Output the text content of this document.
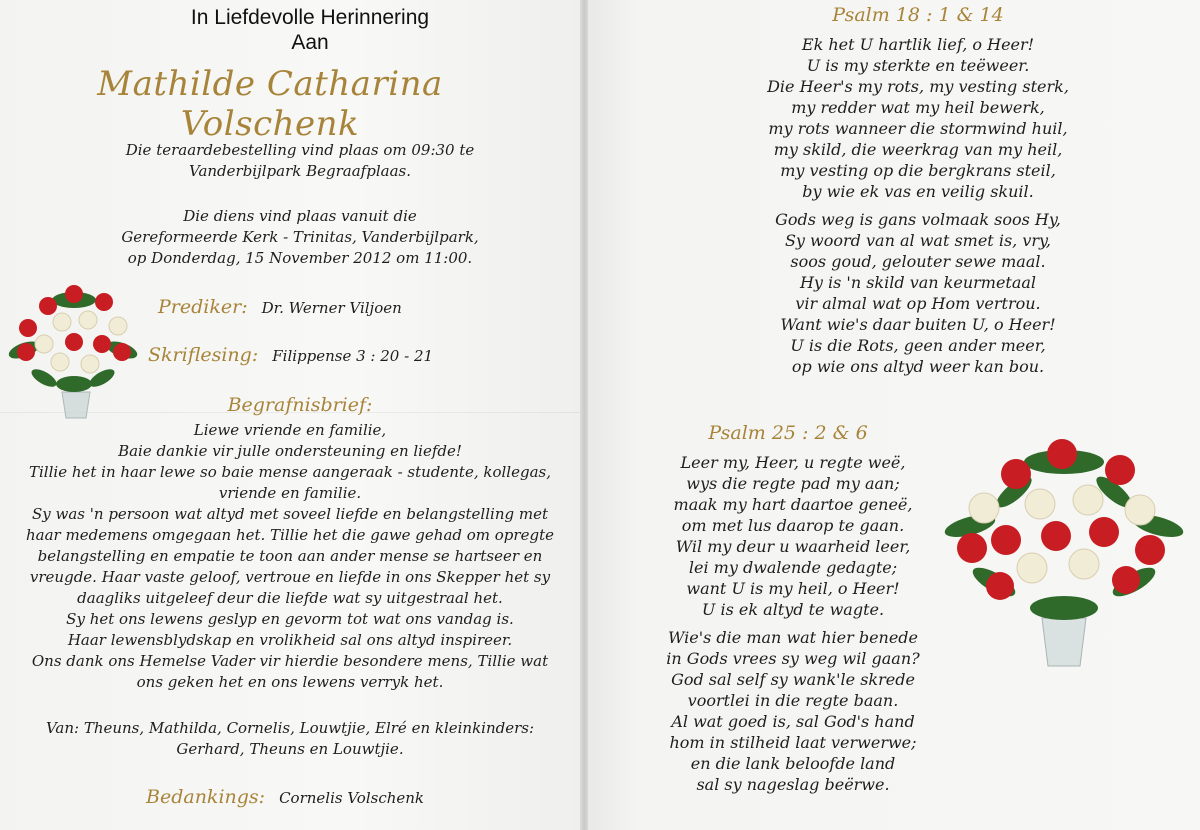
In Liefdevolle Herinnering
Aan
Mathilde Catharina Volschenk

Die teraardebestelling vind plaas om 09:30 te

Vanderbijlpark Begraafplaas.

Die diens vind plaas vanuit die

Gereformeerde Kerk - Trinitas, Vanderbijlpark,

op Donderdag, 15 November 2012 om 11:00.

Prediker: Dr. Werner Viljoen
Skriflesing: Filippense 3 : 20 - 21
Begrafnisbrief:

Liewe vriende en familie,

Baie dankie vir julle ondersteuning en liefde!

Tillie het in haar lewe so baie mense aangeraak - studente, kollegas,

vriende en familie.

Sy was 'n persoon wat altyd met soveel liefde en belangstelling met

haar medemens omgegaan het. Tillie het die gawe gehad om opregte

belangstelling en empatie te toon aan ander mense se hartseer en

vreugde. Haar vaste geloof, vertroue en liefde in ons Skepper het sy

daagliks uitgeleef deur die liefde wat sy uitgestraal het.

Sy het ons lewens geslyp en gevorm tot wat ons vandag is.

Haar lewensblydskap en vrolikheid sal ons altyd inspireer.

Ons dank ons Hemelse Vader vir hierdie besondere mens, Tillie wat

ons geken het en ons lewens verryk het.

Van: Theuns, Mathilda, Cornelis, Louwtjie, Elré en kleinkinders:

Gerhard, Theuns en Louwtjie.

Bedankings: Cornelis Volschenk
Psalm 18 : 1 & 14

Ek het U hartlik lief, o Heer!

U is my sterkte en teëweer.

Die Heer's my rots, my vesting sterk,

my redder wat my heil bewerk,

my rots wanneer die stormwind huil,

my skild, die weerkrag van my heil,

my vesting op die bergkrans steil,

by wie ek vas en veilig skuil.

Gods weg is gans volmaak soos Hy,

Sy woord van al wat smet is, vry,

soos goud, gelouter sewe maal.

Hy is 'n skild van keurmetaal

vir almal wat op Hom vertrou.

Want wie's daar buiten U, o Heer!

U is die Rots, geen ander meer,

op wie ons altyd weer kan bou.

Psalm 25 : 2 & 6

Leer my, Heer, u regte weë,

wys die regte pad my aan;

maak my hart daartoe geneë,

om met lus daarop te gaan.

Wil my deur u waarheid leer,

lei my dwalende gedagte;

want U is my heil, o Heer!

U is ek altyd te wagte.

Wie's die man wat hier benede

in Gods vrees sy weg wil gaan?

God sal self sy wank'le skrede

voortlei in die regte baan.

Al wat goed is, sal God's hand

hom in stilheid laat verwerwe;

en die lank beloofde land

sal sy nageslag beërwe.
